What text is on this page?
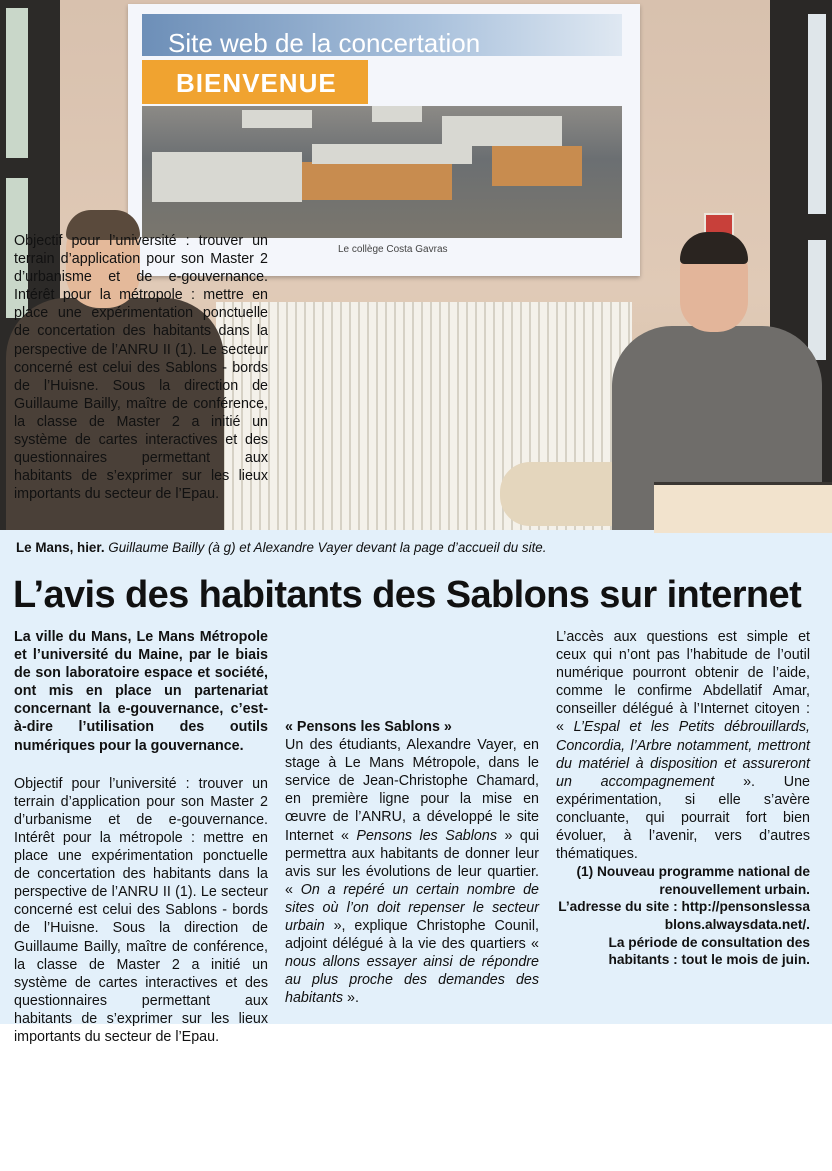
Site web de la concertation
BIENVENUE
Le collège Costa Gavras
Le Mans, hier. Guillaume Bailly (à g) et Alexandre Vayer devant la page d’accueil du site.
L’avis des habitants des Sablons sur internet

La ville du Mans, Le Mans Métropole et l’université du Maine, par le biais de son laboratoire espace et société, ont mis en place un partenariat concernant la e-gouvernance, c’est-à-dire l’utilisation des outils numériques pour la gouvernance.

Objectif pour l’université : trouver un terrain d’application pour son Master 2 d’urbanisme et de e-gouvernance. Intérêt pour la métropole : mettre en place une expérimentation ponctuelle de concertation des habitants dans la perspective de l’ANRU II (1). Le secteur concerné est celui des Sablons - bords de l’Huisne. Sous la direction de Guillaume Bailly, maître de conférence, la classe de Master 2 a initié un système de cartes interactives et des questionnaires permettant aux habitants de s’exprimer sur les lieux importants du secteur de l’Epau.

Objectif pour l’université : trouver un terrain d’application pour son Master 2 d’urbanisme et de e-gouvernance. Intérêt pour la métropole : mettre en place une expérimentation ponctuelle de concertation des habitants dans la perspective de l’ANRU II (1). Le secteur concerné est celui des Sablons - bords de l’Huisne. Sous la direction de Guillaume Bailly, maître de conférence, la classe de Master 2 a initié un système de cartes interactives et des questionnaires permettant aux habitants de s’exprimer sur les lieux importants du secteur de l’Epau.

« Pensons les Sablons »

Un des étudiants, Alexandre Vayer, en stage à Le Mans Métropole, dans le service de Jean-Christophe Chamard, en première ligne pour la mise en œuvre de l’ANRU, a développé le site Internet « Pensons les Sablons » qui permettra aux habitants de donner leur avis sur les évolutions de leur quartier. « On a repéré un certain nombre de sites où l’on doit repenser le secteur urbain », explique Christophe Counil, adjoint délégué à la vie des quartiers « nous allons essayer ainsi de répondre au plus proche des demandes des habitants ».

L’accès aux questions est simple et ceux qui n’ont pas l’habitude de l’outil numérique pourront obtenir de l’aide, comme le confirme Abdellatif Amar, conseiller délégué à l’Internet citoyen : « L’Espal et les Petits débrouillards, Concordia, l’Arbre notamment, mettront du matériel à disposition et assureront un accompagnement ». Une expérimentation, si elle s’avère concluante, qui pourrait fort bien évoluer, à l’avenir, vers d’autres thématiques.

(1) Nouveau programme national de renouvellement urbain.

L’adresse du site : http://pensonslessablons.alwaysdata.net/.

La période de consultation des habitants : tout le mois de juin.
